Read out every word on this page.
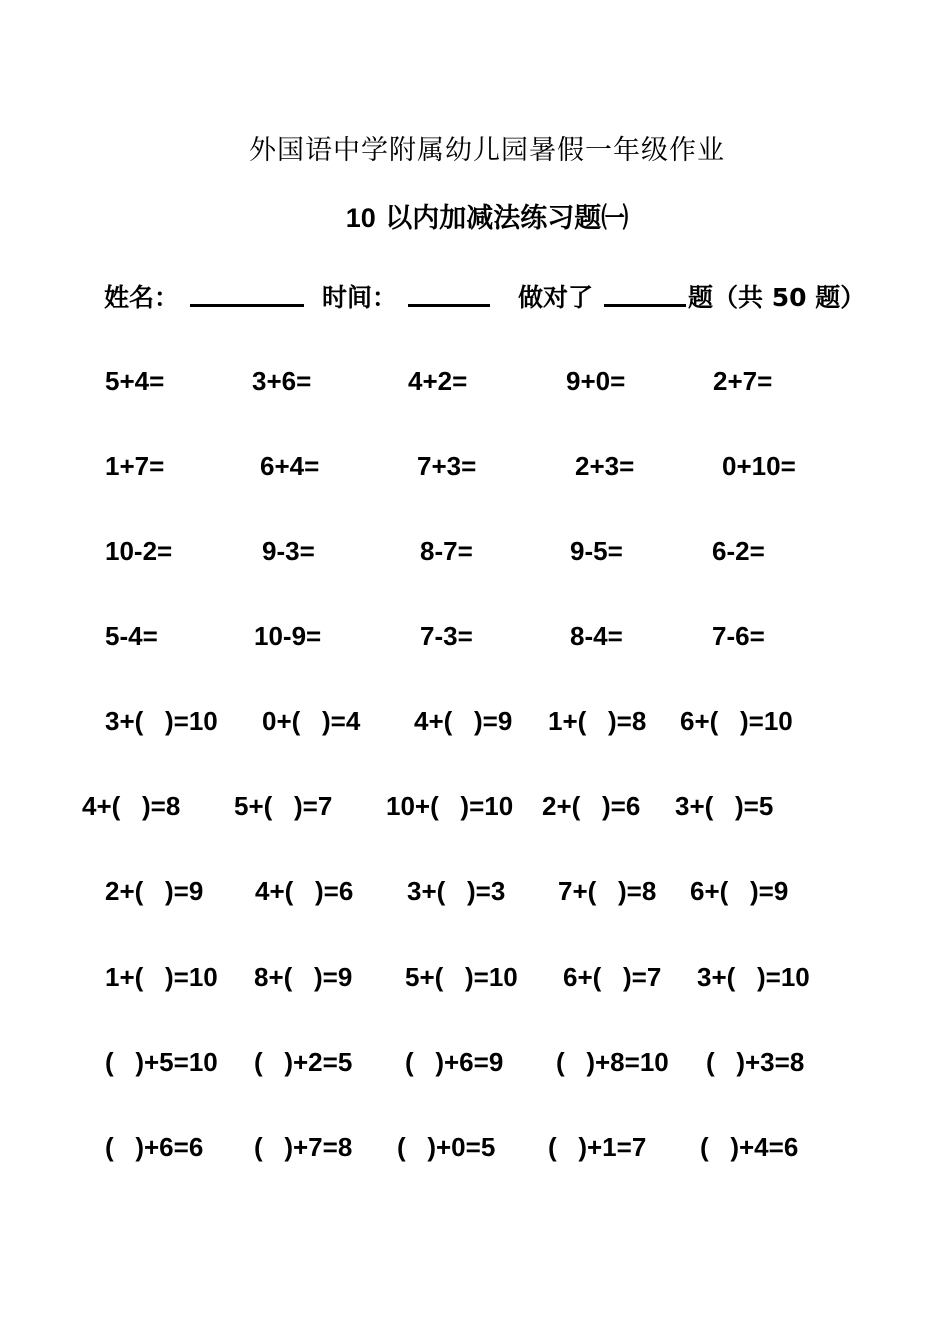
外国语中学附属幼儿园暑假一年级作业
10 以内加减法练习题㈠
姓名：	时间：	做对了	题（共 50 题）
5+4=	3+6=	4+2=	9+0=	2+7=
1+7=	6+4=	7+3=	2+3=	0+10=
10-2=	9-3=	8-7=	9-5=	6-2=
5-4=	10-9=	7-3=	8-4=	7-6=
3+(   )=10 0+(   )=4 4+(   )=9 1+(   )=8 6+(   )=10
4+(   )=8 5+(   )=7 10+(   )=10 2+(   )=6 3+(   )=5
2+(   )=9 4+(   )=6 3+(   )=3 7+(   )=8 6+(   )=9
1+(   )=10 8+(   )=9 5+(   )=10 6+(   )=7 3+(   )=10
(   )+5=10 (   )+2=5 (   )+6=9 (   )+8=10 (   )+3=8
(   )+6=6 (   )+7=8 (   )+0=5 (   )+1=7 (   )+4=6
